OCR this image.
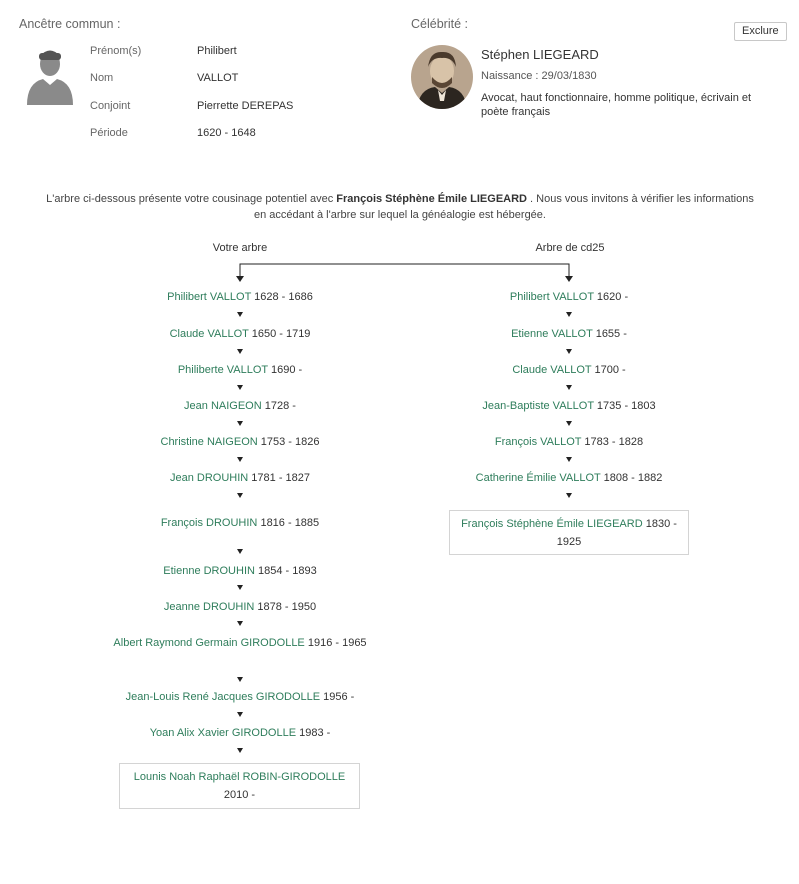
Ancêtre commun :
Prénom(s)	Philibert
Nom	VALLOT
Conjoint	Pierrette DEREPAS
Période	1620 - 1648
Célébrité :	Exclure
Stéphen LIEGEARD
Naissance : 29/03/1830
Avocat, haut fonctionnaire, homme politique, écrivain et poète français
L'arbre ci-dessous présente votre cousinage potentiel avec François Stéphène Émile LIEGEARD . Nous vous invitons à vérifier les informations en accédant à l'arbre sur lequel la généalogie est hébergée.
Votre arbre	Arbre de cd25
Philibert VALLOT 1628 - 1686
Claude VALLOT 1650 - 1719
Philiberte VALLOT 1690 -
Jean NAIGEON 1728 -
Christine NAIGEON 1753 - 1826
Jean DROUHIN 1781 - 1827
François DROUHIN 1816 - 1885
Etienne DROUHIN 1854 - 1893
Jeanne DROUHIN 1878 - 1950
Albert Raymond Germain GIRODOLLE 1916 - 1965
Jean-Louis René Jacques GIRODOLLE 1956 -
Yoan Alix Xavier GIRODOLLE 1983 -
Lounis Noah Raphaël ROBIN-GIRODOLLE 2010 -
Philibert VALLOT 1620 -
Etienne VALLOT 1655 -
Claude VALLOT 1700 -
Jean-Baptiste VALLOT 1735 - 1803
François VALLOT 1783 - 1828
Catherine Émilie VALLOT 1808 - 1882
François Stéphène Émile LIEGEARD 1830 - 1925
